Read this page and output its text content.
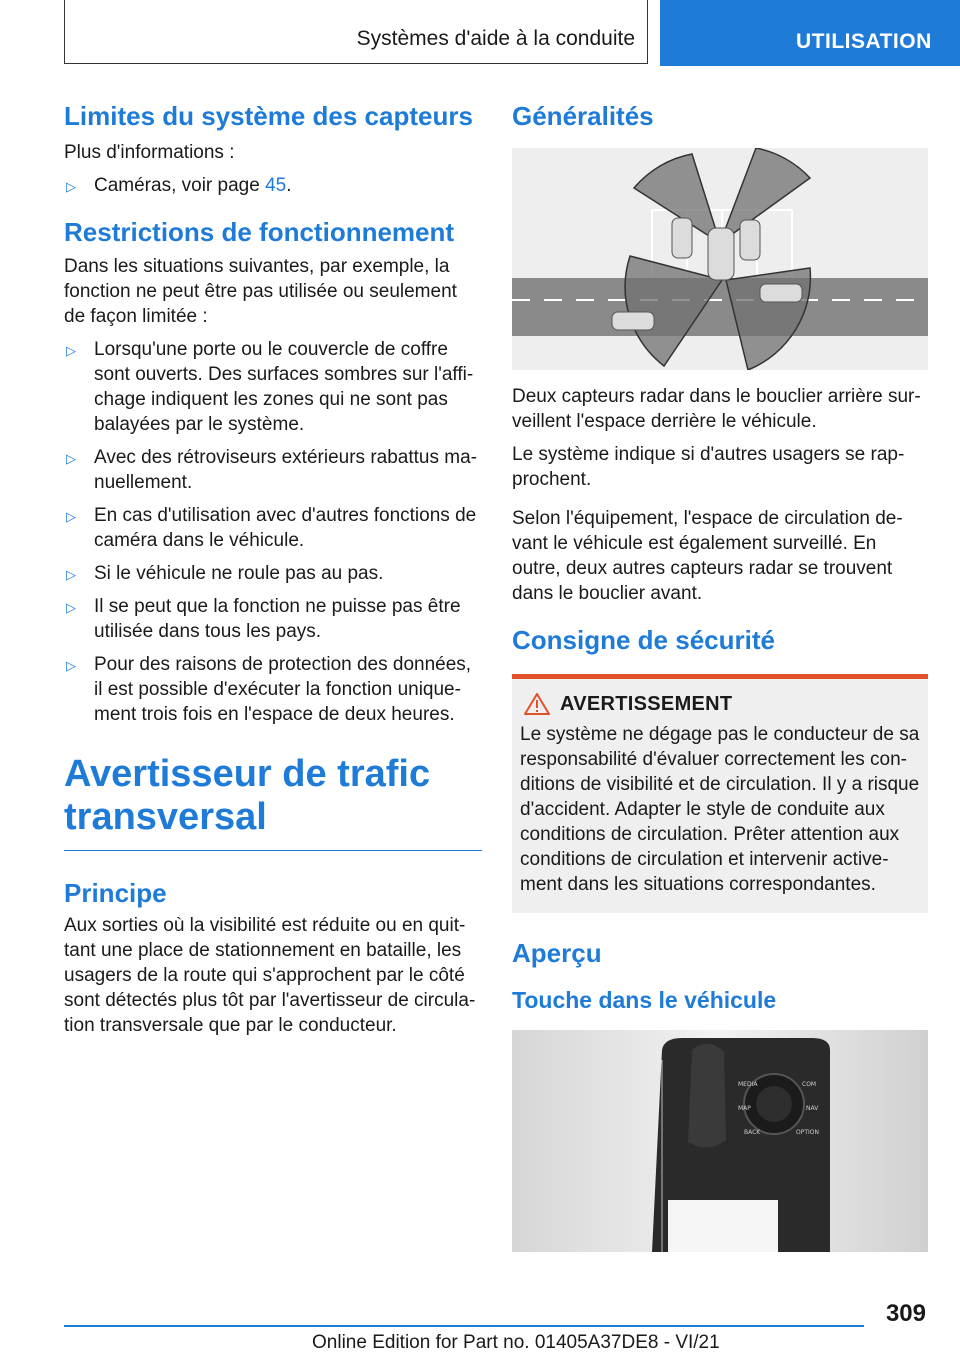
Systèmes d'aide à la conduite	UTILISATION
Limites du système des capteurs

Plus d'informations :

▷ Caméras, voir page 45.
Restrictions de fonctionnement

Dans les situations suivantes, par exemple, la fonction ne peut être pas utilisée ou seulement de façon limitée :

▷ Lorsqu'une porte ou le couvercle de coffre sont ouverts. Des surfaces sombres sur l'affichage indiquent les zones qui ne sont pas balayées par le système.
▷ Avec des rétroviseurs extérieurs rabattus manuellement.
▷ En cas d'utilisation avec d'autres fonctions de caméra dans le véhicule.
▷ Si le véhicule ne roule pas au pas.
▷ Il se peut que la fonction ne puisse pas être utilisée dans tous les pays.
▷ Pour des raisons de protection des données, il est possible d'exécuter la fonction uniquement trois fois en l'espace de deux heures.
Avertisseur de trafic transversal
Principe

Aux sorties où la visibilité est réduite ou en quittant une place de stationnement en bataille, les usagers de la route qui s'approchent par le côté sont détectés plus tôt par l'avertisseur de circulation transversale que par le conducteur.

Généralités

Deux capteurs radar dans le bouclier arrière surveillent l'espace derrière le véhicule.

Le système indique si d'autres usagers se rapprochent.

Selon l'équipement, l'espace de circulation devant le véhicule est également surveillé. En outre, deux autres capteurs radar se trouvent dans le bouclier avant.

Consigne de sécurité
AVERTISSEMENT

Le système ne dégage pas le conducteur de sa responsabilité d'évaluer correctement les conditions de visibilité et de circulation. Il y a risque d'accident. Adapter le style de conduite aux conditions de circulation. Prêter attention aux conditions de circulation et intervenir activement dans les situations correspondantes.

Aperçu
Touche dans le véhicule
MEDIA	COM
MAP	NAV
BACK	OPTION
309
Online Edition for Part no. 01405A37DE8 - VI/21
